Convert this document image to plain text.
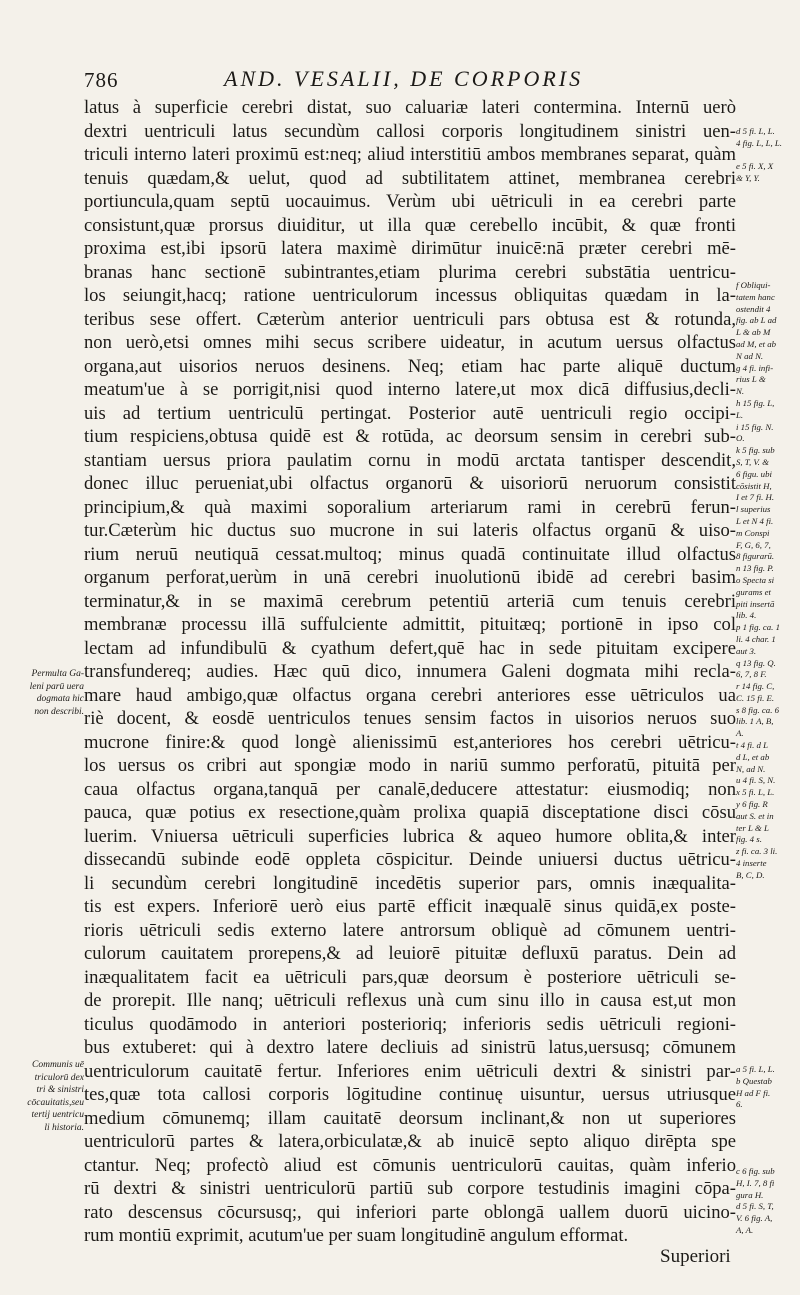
786	AND. VESALII, DE CORPORIS
latus à superficie cerebri distat, suo caluariæ lateri contermina. Internū uerò
dextri uentriculi latus secundùm callosi corporis longitudinem sinistri uen-
triculi interno lateri proximū est:neq; aliud interstitiū ambos membranes separat, quàm
tenuis quædam,& uelut, quod ad subtilitatem attinet, membranea cerebri
portiuncula,quam septū uocauimus. Verùm ubi uētriculi in ea cerebri parte
consistunt,quæ prorsus diuiditur, ut illa quæ cerebello incūbit, & quæ fronti
proxima est,ibi ipsorū latera maximè dirimūtur inuicē:nā præter cerebri mē-
branas hanc sectionē subintrantes,etiam plurima cerebri substātia uentricu-
los seiungit,hacq; ratione uentriculorum incessus obliquitas quædam in la-
teribus sese offert. Cæterùm anterior uentriculi pars obtusa est & rotunda,
non uerò,etsi omnes mihi secus scribere uideatur, in acutum uersus olfactus
organa,aut uisorios neruos desinens. Neq; etiam hac parte aliquē ductum
meatum'ue à se porrigit,nisi quod interno latere,ut mox dicā diffusius,decli-
uis ad tertium uentriculū pertingat. Posterior autē uentriculi regio occipi-
tium respiciens,obtusa quidē est & rotūda, ac deorsum sensim in cerebri sub-
stantiam uersus priora paulatim cornu in modū arctata tantisper descendit,
donec illuc perueniat,ubi olfactus organorū & uisoriorū neruorum consistit
principium,& quà maximi soporalium arteriarum rami in cerebrū ferun-
tur.Cæterùm hic ductus suo mucrone in sui lateris olfactus organū & uiso-
rium neruū neutiquā cessat.multoq; minus quadā continuitate illud olfactus
organum perforat,uerùm in unā cerebri inuolutionū ibidē ad cerebri basim
terminatur,& in se maximā cerebrum petentiū arteriā cum tenuis cerebri
membranæ processu illā suffulciente admittit, pituitæq; portionē in ipso col
lectam ad infundibulū & cyathum defert,quē hac in sede pituitam excipere
transfundereq; audies. Hæc quū dico, innumera Galeni dogmata mihi recla-
mare haud ambigo,quæ olfactus organa cerebri anteriores esse uētriculos ua
riè docent, & eosdē uentriculos tenues sensim factos in uisorios neruos suo
mucrone finire:& quod longè alienissimū est,anteriores hos cerebri uētricu-
los uersus os cribri aut spongiæ modo in nariū summo perforatū, pituitā per
caua olfactus organa,tanquā per canalē,deducere attestatur: eiusmodiq; non
pauca, quæ potius ex resectione,quàm prolixa quapiā disceptatione disci cōsu
luerim. Vniuersa uētriculi superficies lubrica & aqueo humore oblita,& inter
dissecandū subinde eodē oppleta cōspicitur. Deinde uniuersi ductus uētricu-
li secundùm cerebri longitudinē incedētis superior pars, omnis inæqualita-
tis est expers. Inferiorē uerò eius partē efficit inæqualē sinus quidā,ex poste-
rioris uētriculi sedis externo latere antrorsum obliquè ad cōmunem uentri-
culorum cauitatem prorepens,& ad leuiorē pituitæ defluxū paratus. Dein ad
inæqualitatem facit ea uētriculi pars,quæ deorsum è posteriore uētriculi se-
de prorepit. Ille nanq; uētriculi reflexus unà cum sinu illo in causa est,ut mon
ticulus quodāmodo in anteriori posterioriq; inferioris sedis uētriculi regioni-
bus extuberet: qui à dextro latere decliuis ad sinistrū latus,uersusq; cōmunem
uentriculorum cauitatē fertur. Inferiores enim uētriculi dextri & sinistri par-
tes,quæ tota callosi corporis lōgitudine continuę uisuntur, uersus utriusque
medium cōmunemq; illam cauitatē deorsum inclinant,& non ut superiores
uentriculorū partes & latera,orbiculatæ,& ab inuicē septo aliquo dirēpta spe
ctantur. Neq; profectò aliud est cōmunis uentriculorū cauitas, quàm inferio
rū dextri & sinistri uentriculorū partiū sub corpore testudinis imagini cōpa-
rato descensus cōcursusq;, qui inferiori parte oblongā uallem duorū uicino-
rum montiū exprimit, acutum'ue per suam longitudinē angulum efformat.
Superiori
Permulta Ga-
leni parū uera
dogmata hic
non describi.
Communis uē
triculorū dex
tri & sinistri
cōcauitatis,seu
tertij uentricu
li historia.
d 5 fi. L, L.
4 fig. L, L, L.

e 5 fi. X, X
& Y, Y.
f Obliqui-
tatem hanc
ostendit 4
fig. ab L ad
L & ab M
ad M, et ab
N ad N.
g 4 fi. infi-
rius L &
N.
h 15 fig. L,
L.
i 15 fig. N.
O.
k 5 fig. sub
S, T, V. &
6 figu. ubi
cōsistit H,
I et 7 fi. H.
l superius
L et N 4 fi.
m Conspi
F, G, 6, 7,
8 figurarū.
n 13 fig. P.
o Specta si
gurams et
piti insertā
lib. 4.
p 1 fig. ca. 1
li. 4 char. 1
aut 3.
q 13 fig. Q.
6, 7, 8 F.
r 14 fig. C,
C. 15 fi. E.
s 8 fig. ca. 6
lib. 1 A, B,
A.
t 4 fi. d L
d L, et ab
N, ad N.
u 4 fi. S, N.
x 5 fi. L, L.
y 6 fig. R
aut S. et in
ter L & L
fig. 4 s.
z fi. ca. 3 li.
4 inserte
B, C, D.
a 5 fi. L, L.
b Questab
H ad F fi.
6.
c 6 fig. sub
H, I. 7, 8 fi
gura H.
d 5 fi. S, T,
V. 6 fig. A,
A, A.
